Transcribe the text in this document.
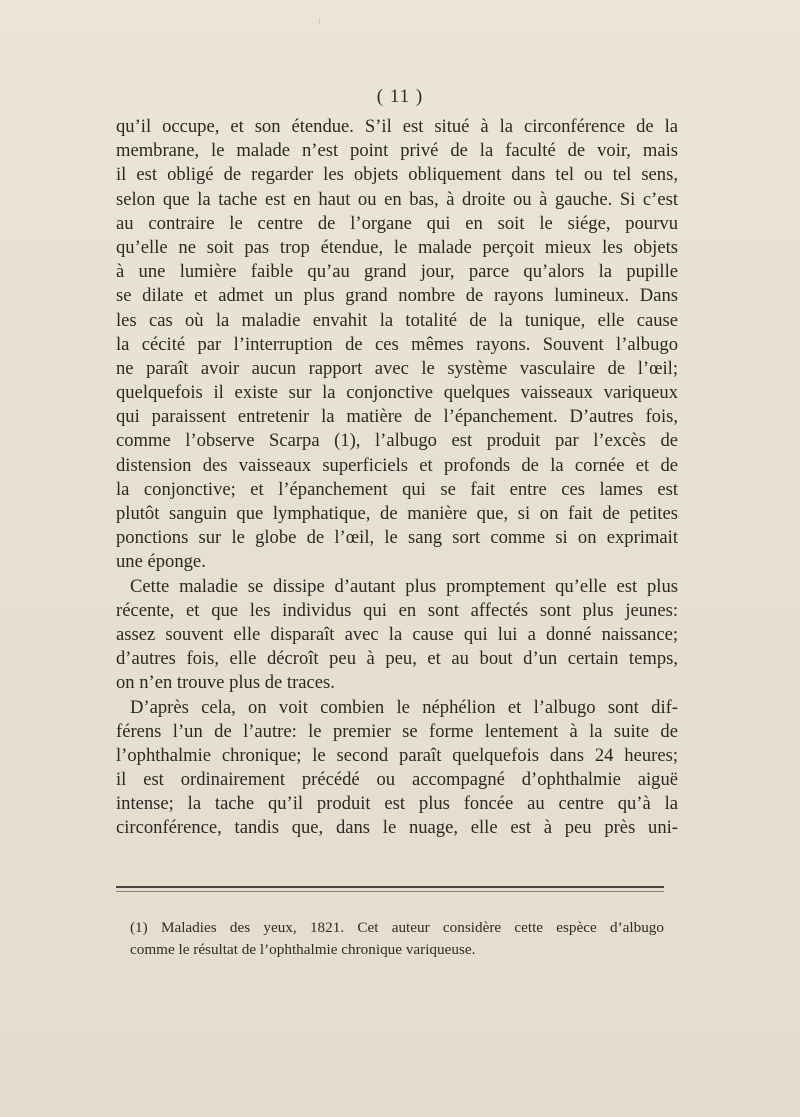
( 11 )
qu’il occupe, et son étendue. S’il est situé à la circonférence de la
membrane, le malade n’est point privé de la faculté de voir, mais
il est obligé de regarder les objets obliquement dans tel ou tel sens,
selon que la tache est en haut ou en bas, à droite ou à gauche. Si c’est
au contraire le centre de l’organe qui en soit le siége, pourvu
qu’elle ne soit pas trop étendue, le malade perçoit mieux les objets
à une lumière faible qu’au grand jour, parce qu’alors la pupille
se dilate et admet un plus grand nombre de rayons lumineux. Dans
les cas où la maladie envahit la totalité de la tunique, elle cause
la cécité par l’interruption de ces mêmes rayons. Souvent l’albugo
ne paraît avoir aucun rapport avec le système vasculaire de l’œil;
quelquefois il existe sur la conjonctive quelques vaisseaux variqueux
qui paraissent entretenir la matière de l’épanchement. D’autres fois,
comme l’observe Scarpa (1), l’albugo est produit par l’excès de
distension des vaisseaux superficiels et profonds de la cornée et de
la conjonctive; et l’épanchement qui se fait entre ces lames est
plutôt sanguin que lymphatique, de manière que, si on fait de petites
ponctions sur le globe de l’œil, le sang sort comme si on exprimait
une éponge.
Cette maladie se dissipe d’autant plus promptement qu’elle est plus
récente, et que les individus qui en sont affectés sont plus jeunes:
assez souvent elle disparaît avec la cause qui lui a donné naissance;
d’autres fois, elle décroît peu à peu, et au bout d’un certain temps,
on n’en trouve plus de traces.
D’après cela, on voit combien le néphélion et l’albugo sont dif-
férens l’un de l’autre: le premier se forme lentement à la suite de
l’ophthalmie chronique; le second paraît quelquefois dans 24 heures;
il est ordinairement précédé ou accompagné d’ophthalmie aiguë
intense; la tache qu’il produit est plus foncée au centre qu’à la
circonférence, tandis que, dans le nuage, elle est à peu près uni-
(1) Maladies des yeux, 1821. Cet auteur considère cette espèce d’albugo
comme le résultat de l’ophthalmie chronique variqueuse.
